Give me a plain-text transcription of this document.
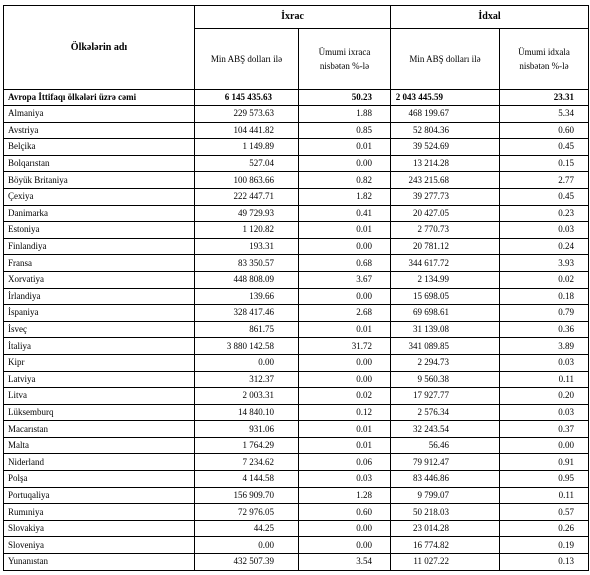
Ölkələrin adı	İxrac		İdxal	
	Min ABŞ dolları ilə	Ümumi ixraca nisbətən %-lə	Min ABŞ dolları ilə	Ümumi idxala nisbətən %-lə
Avropa İttifaqı ölkələri üzrə cəmi	6 145 435.63	50.23	2 043 445.59	23.31
Almaniya	229 573.63	1.88	468 199.67	5.34
Avstriya	104 441.82	0.85	52 804.36	0.60
Belçika	1 149.89	0.01	39 524.69	0.45
Bolqarıstan	527.04	0.00	13 214.28	0.15
Böyük Britaniya	100 863.66	0.82	243 215.68	2.77
Çexiya	222 447.71	1.82	39 277.73	0.45
Danimarka	49 729.93	0.41	20 427.05	0.23
Estoniya	1 120.82	0.01	2 770.73	0.03
Finlandiya	193.31	0.00	20 781.12	0.24
Fransa	83 350.57	0.68	344 617.72	3.93
Xorvatiya	448 808.09	3.67	2 134.99	0.02
İrlandiya	139.66	0.00	15 698.05	0.18
İspaniya	328 417.46	2.68	69 698.61	0.79
İsveç	861.75	0.01	31 139.08	0.36
İtaliya	3 880 142.58	31.72	341 089.85	3.89
Kipr	0.00	0.00	2 294.73	0.03
Latviya	312.37	0.00	9 560.38	0.11
Litva	2 003.31	0.02	17 927.77	0.20
Lüksemburq	14 840.10	0.12	2 576.34	0.03
Macarıstan	931.06	0.01	32 243.54	0.37
Malta	1 764.29	0.01	56.46	0.00
Niderland	7 234.62	0.06	79 912.47	0.91
Polşa	4 144.58	0.03	83 446.86	0.95
Portuqaliya	156 909.70	1.28	9 799.07	0.11
Rumıniya	72 976.05	0.60	50 218.03	0.57
Slovakiya	44.25	0.00	23 014.28	0.26
Sloveniya	0.00	0.00	16 774.82	0.19
Yunanıstan	432 507.39	3.54	11 027.22	0.13
